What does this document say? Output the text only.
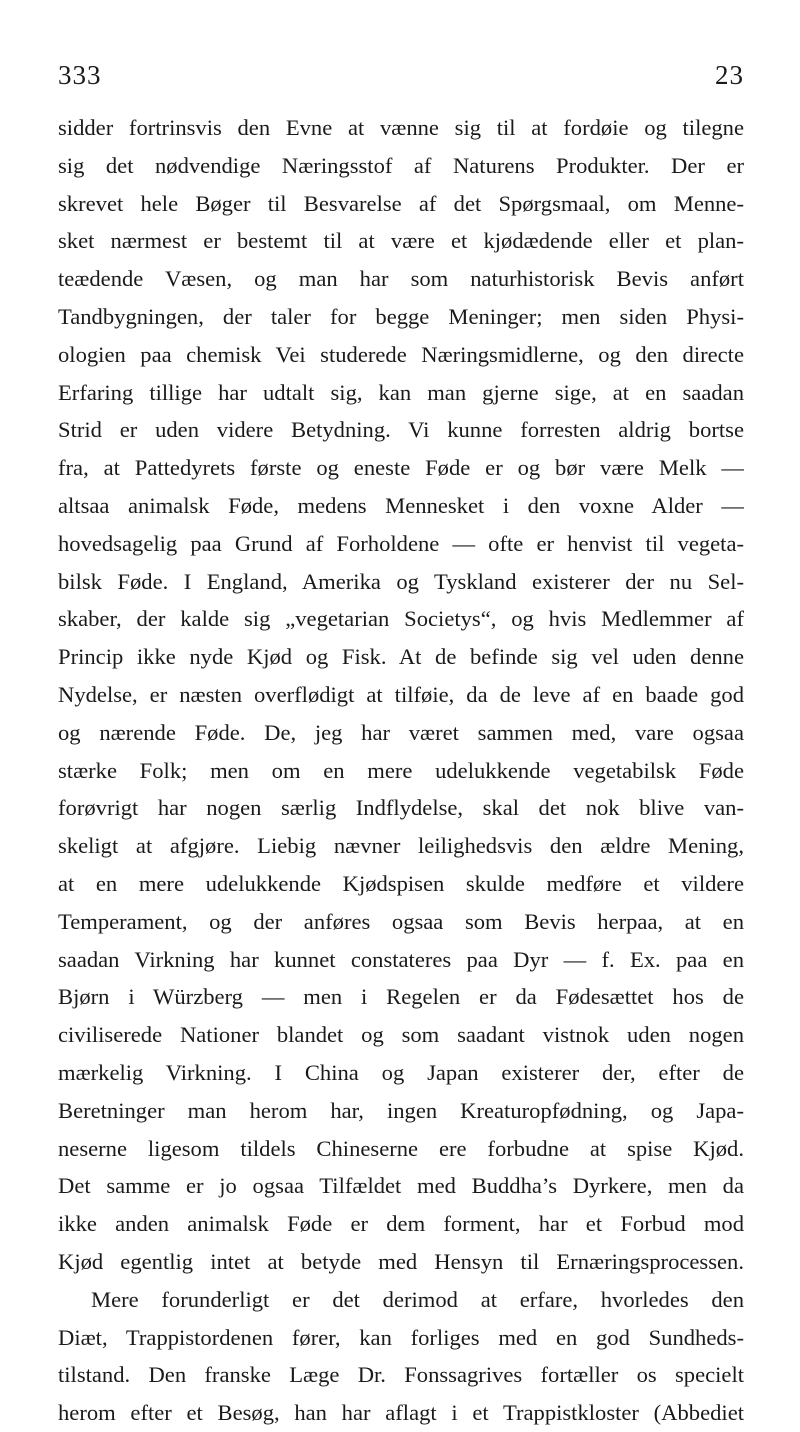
333	23
sidder fortrinsvis den Evne at vænne sig til at fordøie og tilegne
sig det nødvendige Næringsstof af Naturens Produkter. Der er
skrevet hele Bøger til Besvarelse af det Spørgsmaal, om Menne-
sket nærmest er bestemt til at være et kjødædende eller et plan-
teædende Væsen, og man har som naturhistorisk Bevis anført
Tandbygningen, der taler for begge Meninger; men siden Physi-
ologien paa chemisk Vei studerede Næringsmidlerne, og den directe
Erfaring tillige har udtalt sig, kan man gjerne sige, at en saadan
Strid er uden videre Betydning. Vi kunne forresten aldrig bortse
fra, at Pattedyrets første og eneste Føde er og bør være Melk —
altsaa animalsk Føde, medens Mennesket i den voxne Alder —
hovedsagelig paa Grund af Forholdene — ofte er henvist til vegeta-
bilsk Føde. I England, Amerika og Tyskland existerer der nu Sel-
skaber, der kalde sig „vegetarian Societys“, og hvis Medlemmer af
Princip ikke nyde Kjød og Fisk. At de befinde sig vel uden denne
Nydelse, er næsten overflødigt at tilføie, da de leve af en baade god
og nærende Føde. De, jeg har været sammen med, vare ogsaa
stærke Folk; men om en mere udelukkende vegetabilsk Føde
forøvrigt har nogen særlig Indflydelse, skal det nok blive van-
skeligt at afgjøre. Liebig nævner leilighedsvis den ældre Mening,
at en mere udelukkende Kjødspisen skulde medføre et vildere
Temperament, og der anføres ogsaa som Bevis herpaa, at en
saadan Virkning har kunnet constateres paa Dyr — f. Ex. paa en
Bjørn i Würzberg — men i Regelen er da Fødesættet hos de
civiliserede Nationer blandet og som saadant vistnok uden nogen
mærkelig Virkning. I China og Japan existerer der, efter de
Beretninger man herom har, ingen Kreaturopfødning, og Japa-
neserne ligesom tildels Chineserne ere forbudne at spise Kjød.
Det samme er jo ogsaa Tilfældet med Buddha’s Dyrkere, men da
ikke anden animalsk Føde er dem forment, har et Forbud mod
Kjød egentlig intet at betyde med Hensyn til Ernæringsprocessen.
Mere forunderligt er det derimod at erfare, hvorledes den
Diæt, Trappistordenen fører, kan forliges med en god Sundheds-
tilstand. Den franske Læge Dr. Fonssagrives fortæller os specielt
herom efter et Besøg, han har aflagt i et Trappistkloster (Abbediet
